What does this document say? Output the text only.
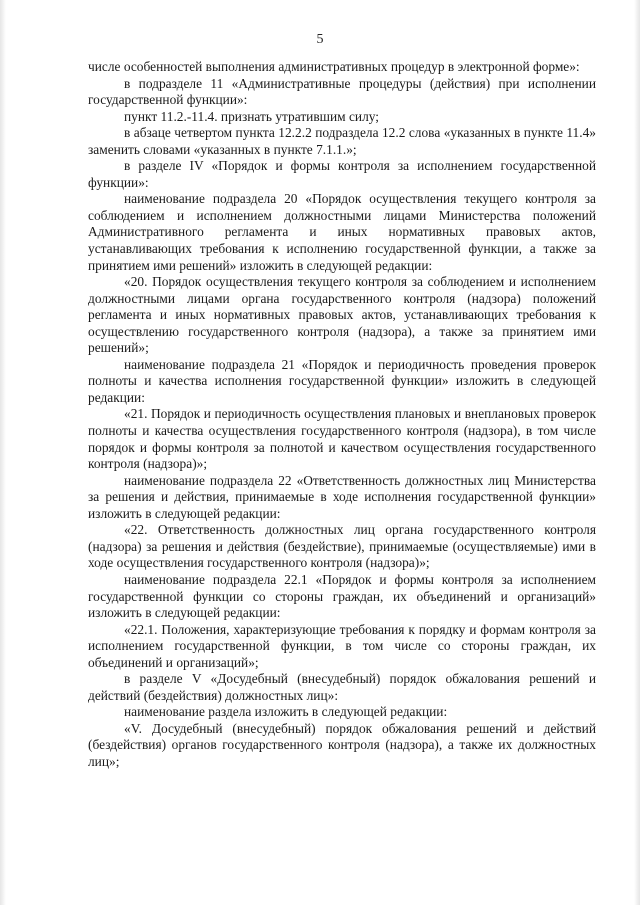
5

числе особенностей выполнения административных процедур в электронной форме»:

в подразделе 11 «Административные процедуры (действия) при исполнении государственной функции»:

пункт 11.2.-11.4. признать утратившим силу;

в абзаце четвертом пункта 12.2.2 подраздела 12.2 слова «указанных в пункте 11.4» заменить словами «указанных в пункте 7.1.1.»;

в разделе IV «Порядок и формы контроля за исполнением государственной функции»:

наименование подраздела 20 «Порядок осуществления текущего контроля за соблюдением и исполнением должностными лицами Министерства положений Административного регламента и иных нормативных правовых актов, устанавливающих требования к исполнению государственной функции, а также за принятием ими решений» изложить в следующей редакции:

«20. Порядок осуществления текущего контроля за соблюдением и исполнением должностными лицами органа государственного контроля (надзора) положений регламента и иных нормативных правовых актов, устанавливающих требования к осуществлению государственного контроля (надзора), а также за принятием ими решений»;

наименование подраздела 21 «Порядок и периодичность проведения проверок полноты и качества исполнения государственной функции» изложить в следующей редакции:

«21. Порядок и периодичность осуществления плановых и внеплановых проверок полноты и качества осуществления государственного контроля (надзора), в том числе порядок и формы контроля за полнотой и качеством осуществления государственного контроля (надзора)»;

наименование подраздела 22 «Ответственность должностных лиц Министерства за решения и действия, принимаемые в ходе исполнения государственной функции» изложить в следующей редакции:

«22. Ответственность должностных лиц органа государственного контроля (надзора) за решения и действия (бездействие), принимаемые (осуществляемые) ими в ходе осуществления государственного контроля (надзора)»;

наименование подраздела 22.1 «Порядок и формы контроля за исполнением государственной функции со стороны граждан, их объединений и организаций» изложить в следующей редакции:

«22.1. Положения, характеризующие требования к порядку и формам контроля за исполнением государственной функции, в том числе со стороны граждан, их объединений и организаций»;

в разделе V «Досудебный (внесудебный) порядок обжалования решений и действий (бездействия) должностных лиц»:

наименование раздела изложить в следующей редакции:

«V. Досудебный (внесудебный) порядок обжалования решений и действий (бездействия) органов государственного контроля (надзора), а также их должностных лиц»;
